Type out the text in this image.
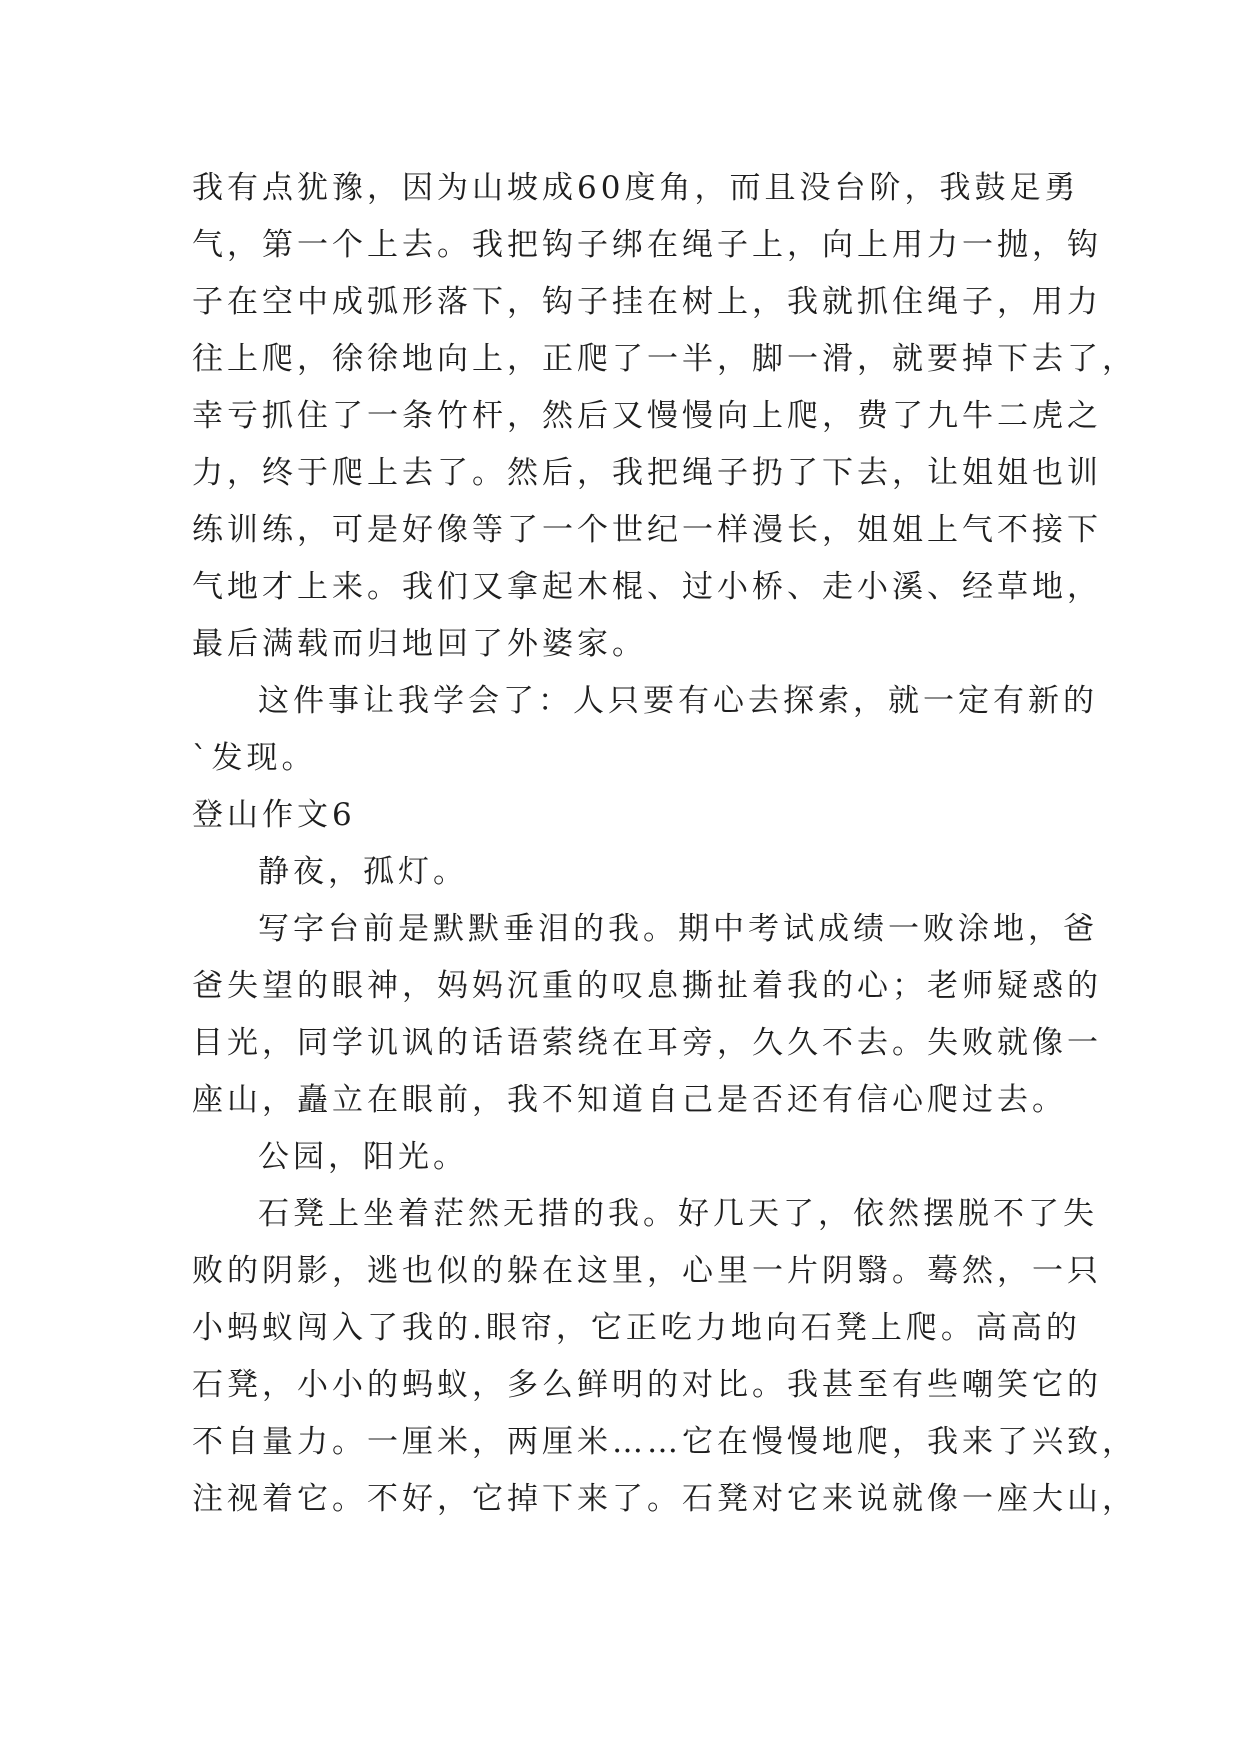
我有点犹豫，因为山坡成60度角，而且没台阶，我鼓足勇
气，第一个上去。我把钩子绑在绳子上，向上用力一抛，钩
子在空中成弧形落下，钩子挂在树上，我就抓住绳子，用力
往上爬，徐徐地向上，正爬了一半，脚一滑，就要掉下去了，
幸亏抓住了一条竹杆，然后又慢慢向上爬，费了九牛二虎之
力，终于爬上去了。然后，我把绳子扔了下去，让姐姐也训
练训练，可是好像等了一个世纪一样漫长，姐姐上气不接下
气地才上来。我们又拿起木棍、过小桥、走小溪、经草地，
最后满载而归地回了外婆家。
这件事让我学会了：人只要有心去探索，就一定有新的
`发现。
登山作文6
静夜，孤灯。
写字台前是默默垂泪的我。期中考试成绩一败涂地，爸
爸失望的眼神，妈妈沉重的叹息撕扯着我的心；老师疑惑的
目光，同学讥讽的话语萦绕在耳旁，久久不去。失败就像一
座山，矗立在眼前，我不知道自己是否还有信心爬过去。
公园，阳光。
石凳上坐着茫然无措的我。好几天了，依然摆脱不了失
败的阴影，逃也似的躲在这里，心里一片阴翳。蓦然，一只
小蚂蚁闯入了我的.眼帘，它正吃力地向石凳上爬。高高的
石凳，小小的蚂蚁，多么鲜明的对比。我甚至有些嘲笑它的
不自量力。一厘米，两厘米……它在慢慢地爬，我来了兴致，
注视着它。不好，它掉下来了。石凳对它来说就像一座大山，
